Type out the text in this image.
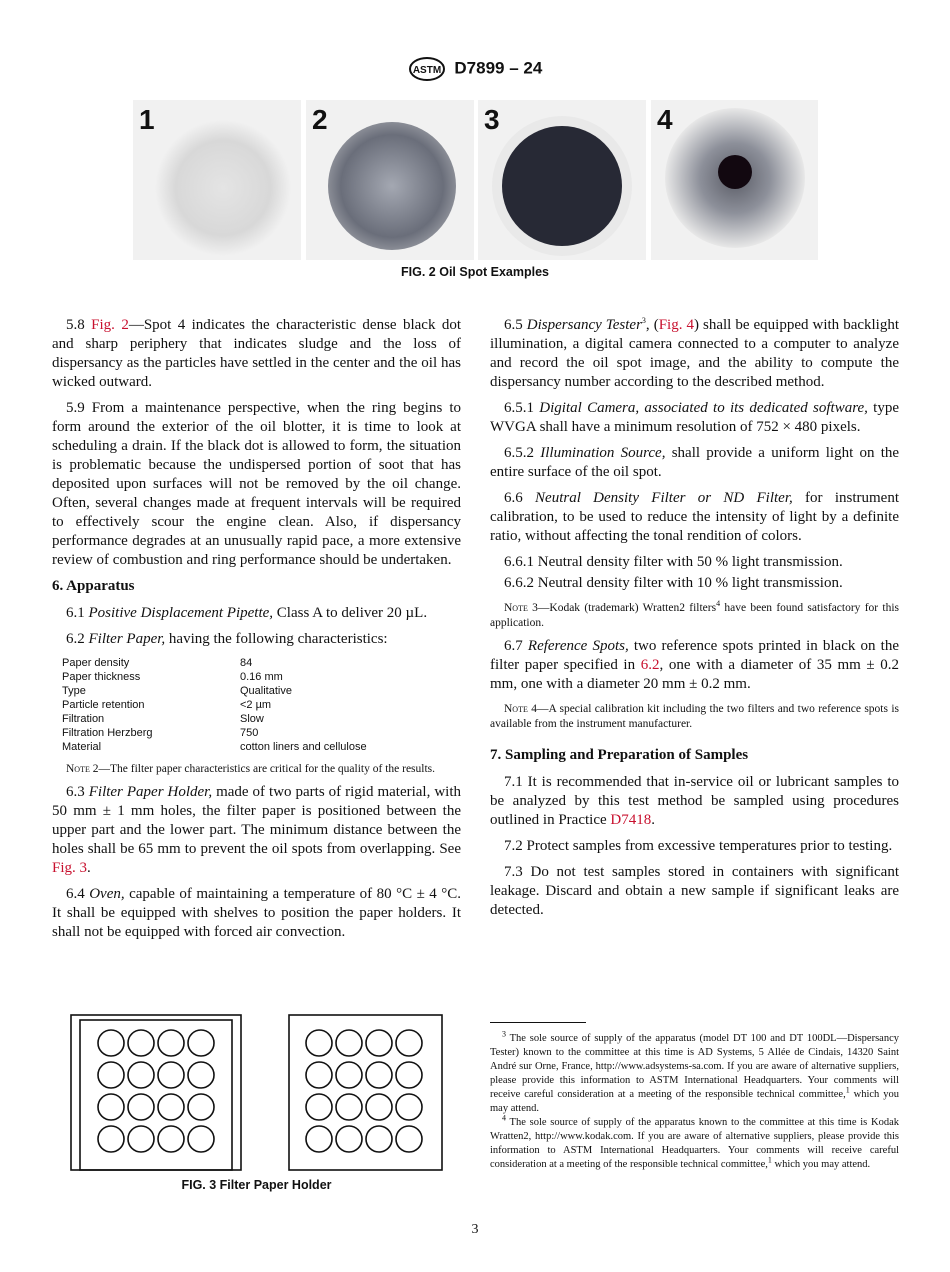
ASTM D7899 – 24
1	2	3	4
FIG. 2 Oil Spot Examples

5.8 Fig. 2—Spot 4 indicates the characteristic dense black dot and sharp periphery that indicates sludge and the loss of dispersancy as the particles have settled in the center and the oil has wicked outward.

5.9 From a maintenance perspective, when the ring begins to form around the exterior of the oil blotter, it is time to look at scheduling a drain. If the black dot is allowed to form, the situation is problematic because the undispersed portion of soot that has deposited upon surfaces will not be removed by the oil change. Often, several changes made at frequent intervals will be required to effectively scour the engine clean. Also, if dispersancy performance degrades at an unusually rapid pace, a more extensive review of combustion and ring performance should be undertaken.

6. Apparatus

6.1 Positive Displacement Pipette, Class A to deliver 20 µL.

6.2 Filter Paper, having the following characteristics:

Paper density	84
Paper thickness	0.16 mm
Type	Qualitative
Particle retention	<2 µm
Filtration	Slow
Filtration Herzberg	750
Material	cotton liners and cellulose
Note 2—The filter paper characteristics are critical for the quality of the results.

6.3 Filter Paper Holder, made of two parts of rigid material, with 50 mm ± 1 mm holes, the filter paper is positioned between the upper part and the lower part. The minimum distance between the holes shall be 65 mm to prevent the oil spots from overlapping. See Fig. 3.

6.4 Oven, capable of maintaining a temperature of 80 °C ± 4 °C. It shall be equipped with shelves to position the paper holders. It shall not be equipped with forced air convection.

FIG. 3 Filter Paper Holder

6.5 Dispersancy Tester$^3$, (Fig. 4) shall be equipped with backlight illumination, a digital camera connected to a computer to analyze and record the oil spot image, and the ability to compute the dispersancy number according to the described method.

6.5.1 Digital Camera, associated to its dedicated software, type WVGA shall have a minimum resolution of 752 × 480 pixels.

6.5.2 Illumination Source, shall provide a uniform light on the entire surface of the oil spot.

6.6 Neutral Density Filter or ND Filter, for instrument calibration, to be used to reduce the intensity of light by a definite ratio, without affecting the tonal rendition of colors.

6.6.1 Neutral density filter with 50 % light transmission.

6.6.2 Neutral density filter with 10 % light transmission.

Note 3—Kodak (trademark) Wratten2 filters$^4$ have been found satisfactory for this application.

6.7 Reference Spots, two reference spots printed in black on the filter paper specified in 6.2, one with a diameter of 35 mm ± 0.2 mm, one with a diameter 20 mm ± 0.2 mm.

Note 4—A special calibration kit including the two filters and two reference spots is available from the instrument manufacturer.
7. Sampling and Preparation of Samples

7.1 It is recommended that in-service oil or lubricant samples to be analyzed by this test method be sampled using procedures outlined in Practice D7418.

7.2 Protect samples from excessive temperatures prior to testing.

7.3 Do not test samples stored in containers with significant leakage. Discard and obtain a new sample if significant leaks are detected.

$^3$ The sole source of supply of the apparatus (model DT 100 and DT 100DL—Dispersancy Tester) known to the committee at this time is AD Systems, 5 Allée de Cindais, 14320 Saint André sur Orne, France, http://www.adsystems-sa.com. If you are aware of alternative suppliers, please provide this information to ASTM International Headquarters. Your comments will receive careful consideration at a meeting of the responsible technical committee,$^1$ which you may attend.

$^4$ The sole source of supply of the apparatus known to the committee at this time is Kodak Wratten2, http://www.kodak.com. If you are aware of alternative suppliers, please provide this information to ASTM International Headquarters. Your comments will receive careful consideration at a meeting of the responsible technical committee,$^1$ which you may attend.

3
